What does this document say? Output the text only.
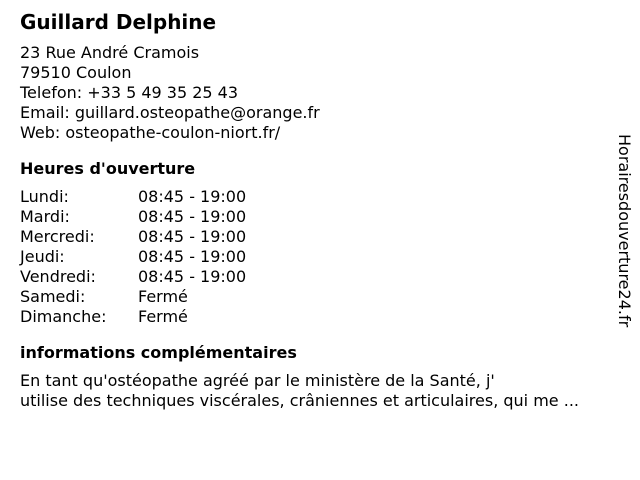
Guillard Delphine
23 Rue André Cramois
79510 Coulon
Telefon: +33 5 49 35 25 43
Email: guillard.osteopathe@orange.fr
Web: osteopathe-coulon-niort.fr/
Heures d'ouverture
Lundi:	08:45 - 19:00
Mardi:	08:45 - 19:00
Mercredi:	08:45 - 19:00
Jeudi:	08:45 - 19:00
Vendredi:	08:45 - 19:00
Samedi:	Fermé
Dimanche:	Fermé
informations complémentaires
En tant qu'ostéopathe agréé par le ministère de la Santé, j'
utilise des techniques viscérales, crâniennes et articulaires, qui me ...
Horairesdouverture24.fr
